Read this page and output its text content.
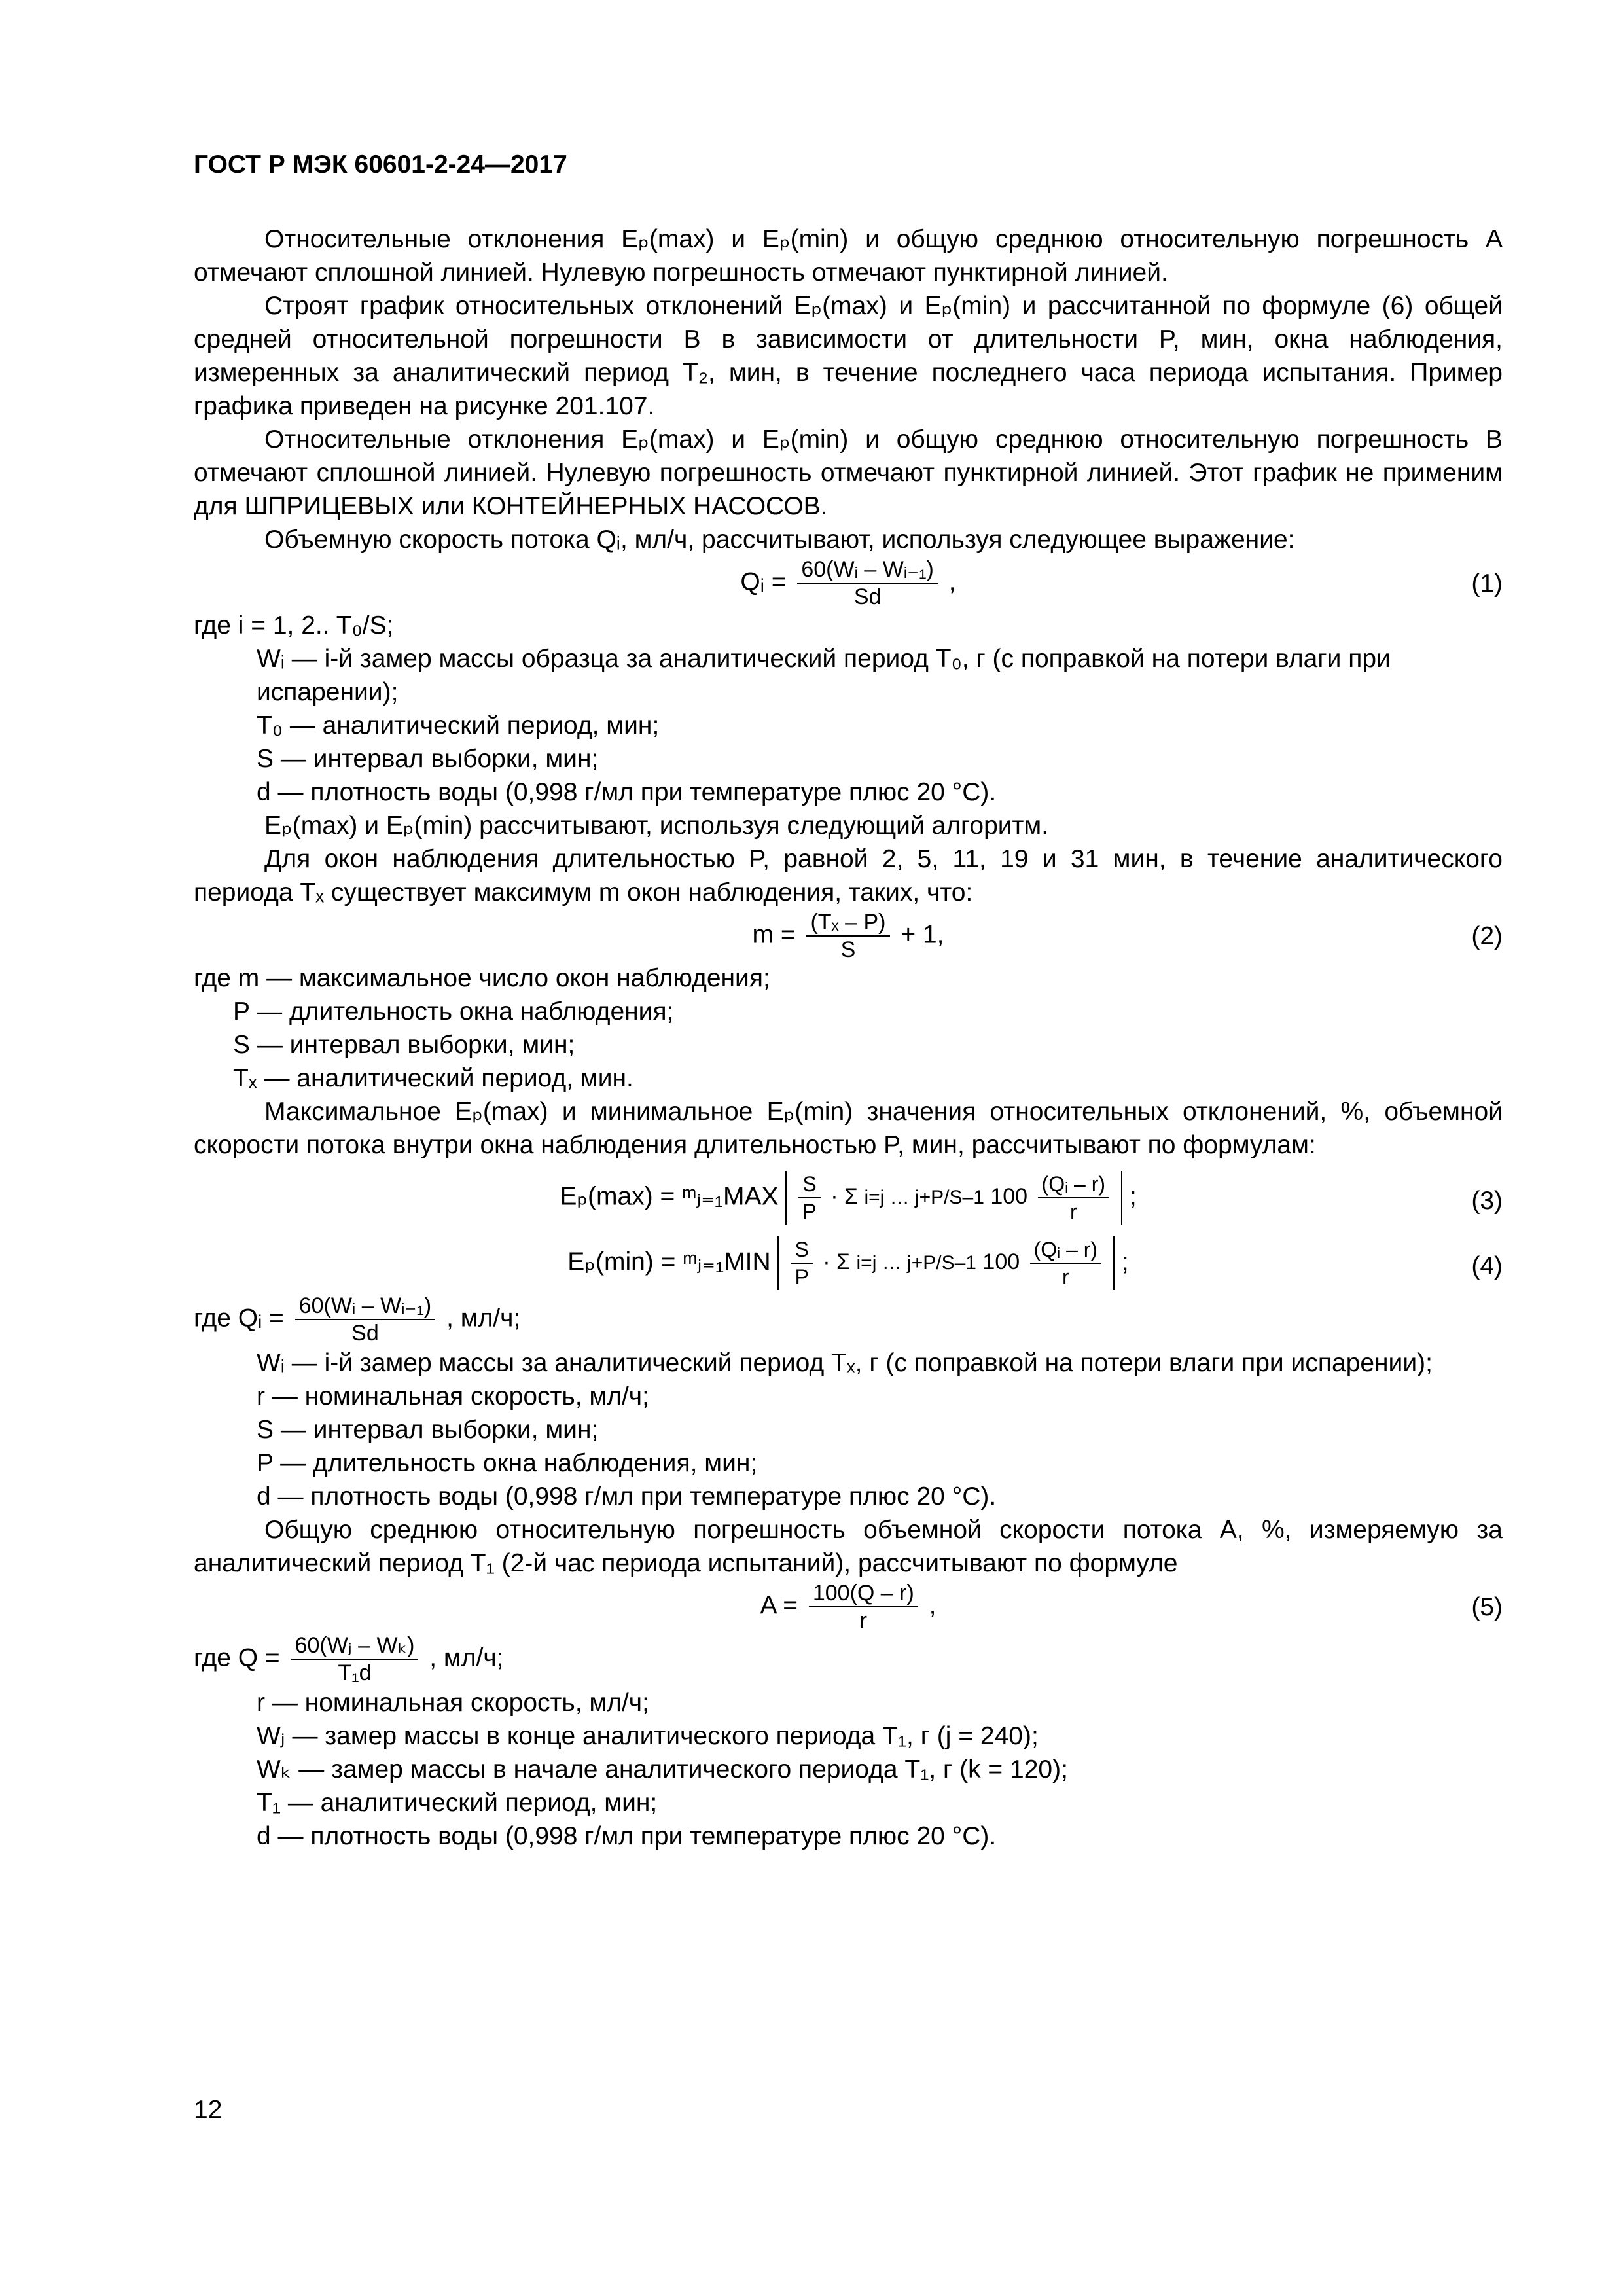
ГОСТ Р МЭК 60601-2-24—2017

Относительные отклонения Eₚ(max) и Eₚ(min) и общую среднюю относительную погрешность A отмечают сплошной линией. Нулевую погрешность отмечают пунктирной линией.

Строят график относительных отклонений Eₚ(max) и Eₚ(min) и рассчитанной по формуле (6) общей средней относительной погрешности B в зависимости от длительности P, мин, окна наблюдения, измеренных за аналитический период T₂, мин, в течение последнего часа периода испытания. Пример графика приведен на рисунке 201.107.

Относительные отклонения Eₚ(max) и Eₚ(min) и общую среднюю относительную погрешность B отмечают сплошной линией. Нулевую погрешность отмечают пунктирной линией. Этот график не применим для ШПРИЦЕВЫХ или КОНТЕЙНЕРНЫХ НАСОСОВ.

Объемную скорость потока Qᵢ, мл/ч, рассчитывают, используя следующее выражение:

Qᵢ = $\frac{\text{60(Wᵢ – Wᵢ₋₁)}}{Sd}$ ,	(1)

где i = 1, 2.. T₀/S;

Wᵢ — i-й замер массы образца за аналитический период T₀, г (с поправкой на потери влаги при испарении);

T₀ — аналитический период, мин;

S — интервал выборки, мин;

d — плотность воды (0,998 г/мл при температуре плюс 20 °C).

Eₚ(max) и Eₚ(min) рассчитывают, используя следующий алгоритм.

Для окон наблюдения длительностью P, равной 2, 5, 11, 19 и 31 мин, в течение аналитического периода Tₓ существует максимум m окон наблюдения, таких, что:

$m = \frac{\text{(Tₓ – P)}}{S} + 1$,	(2)

где m — максимальное число окон наблюдения;

P — длительность окна наблюдения;

S — интервал выборки, мин;

Tₓ — аналитический период, мин.

Максимальное Eₚ(max) и минимальное Eₚ(min) значения относительных отклонений, %, объемной скорости потока внутри окна наблюдения длительностью P, мин, рассчитывают по формулам:

Eₚ(max) = ᵐⱼ₌₁MAX $\frac{S}{P} \cdot \Sigma$ i=j … j+P/S–1 $100 \frac{\text{(Qᵢ – r)}}{r}$ ;	(3)
Eₚ(min) = ᵐⱼ₌₁MIN $\frac{S}{P} \cdot \Sigma$ i=j … j+P/S–1 $100 \frac{\text{(Qᵢ – r)}}{r}$ ;	(4)

где Qᵢ = $\frac{\text{60(Wᵢ – Wᵢ₋₁)}}{Sd}$ , мл/ч;

Wᵢ — i-й замер массы за аналитический период Tₓ, г (с поправкой на потери влаги при испарении);

r — номинальная скорость, мл/ч;

S — интервал выборки, мин;

P — длительность окна наблюдения, мин;

d — плотность воды (0,998 г/мл при температуре плюс 20 °C).

Общую среднюю относительную погрешность объемной скорости потока A, %, измеряемую за аналитический период T₁ (2-й час периода испытаний), рассчитывают по формуле

$A = \frac{100(Q - r)}{r}$ ,	(5)

где $Q = \frac{\text{60(Wⱼ – Wₖ)}}{\text{T₁d}}$ , мл/ч;

r — номинальная скорость, мл/ч;

Wⱼ — замер массы в конце аналитического периода T₁, г (j = 240);

Wₖ — замер массы в начале аналитического периода T₁, г (k = 120);

T₁ — аналитический период, мин;

d — плотность воды (0,998 г/мл при температуре плюс 20 °C).

12
